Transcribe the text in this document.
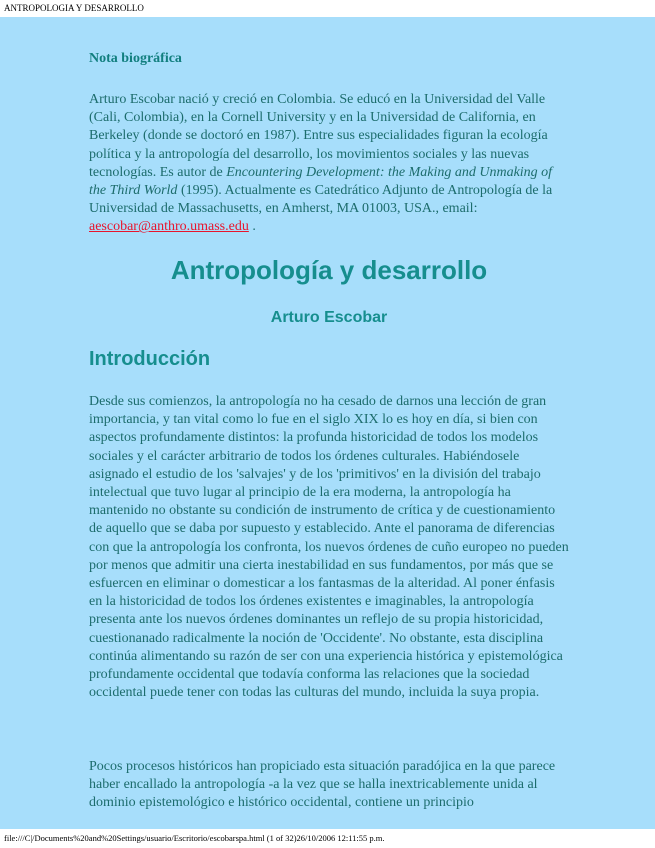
ANTROPOLOGIA Y DESARROLLO
Nota biográfica

Arturo Escobar nació y creció en Colombia. Se educó en la Universidad del Valle (Cali, Colombia), en la Cornell University y en la Universidad de California, en Berkeley (donde se doctoró en 1987). Entre sus especialidades figuran la ecología política y la antropología del desarrollo, los movimientos sociales y las nuevas tecnologías. Es autor de Encountering Development: the Making and Unmaking of the Third World (1995). Actualmente es Catedrático Adjunto de Antropología de la Universidad de Massachusetts, en Amherst, MA 01003, USA., email: aescobar@anthro.umass.edu .

Antropología y desarrollo
Arturo Escobar
Introducción

Desde sus comienzos, la antropología no ha cesado de darnos una lección de gran importancia, y tan vital como lo fue en el siglo XIX lo es hoy en día, si bien con aspectos profundamente distintos: la profunda historicidad de todos los modelos sociales y el carácter arbitrario de todos los órdenes culturales. Habiéndosele asignado el estudio de los 'salvajes' y de los 'primitivos' en la división del trabajo intelectual que tuvo lugar al principio de la era moderna, la antropología ha mantenido no obstante su condición de instrumento de crítica y de cuestionamiento de aquello que se daba por supuesto y establecido. Ante el panorama de diferencias con que la antropología los confronta, los nuevos órdenes de cuño europeo no pueden por menos que admitir una cierta inestabilidad en sus fundamentos, por más que se esfuercen en eliminar o domesticar a los fantasmas de la alteridad. Al poner énfasis en la historicidad de todos los órdenes existentes e imaginables, la antropología presenta ante los nuevos órdenes dominantes un reflejo de su propia historicidad, cuestionanado radicalmente la noción de 'Occidente'. No obstante, esta disciplina continúa alimentando su razón de ser con una experiencia histórica y epistemológica profundamente occidental que todavía conforma las relaciones que la sociedad occidental puede tener con todas las culturas del mundo, incluida la suya propia.

Pocos procesos históricos han propiciado esta situación paradójica en la que parece haber encallado la antropología -a la vez que se halla inextricablemente unida al dominio epistemológico e histórico occidental, contiene un principio

file:///C|/Documents%20and%20Settings/usuario/Escritorio/escobarspa.html (1 of 32)26/10/2006 12:11:55 p.m.
